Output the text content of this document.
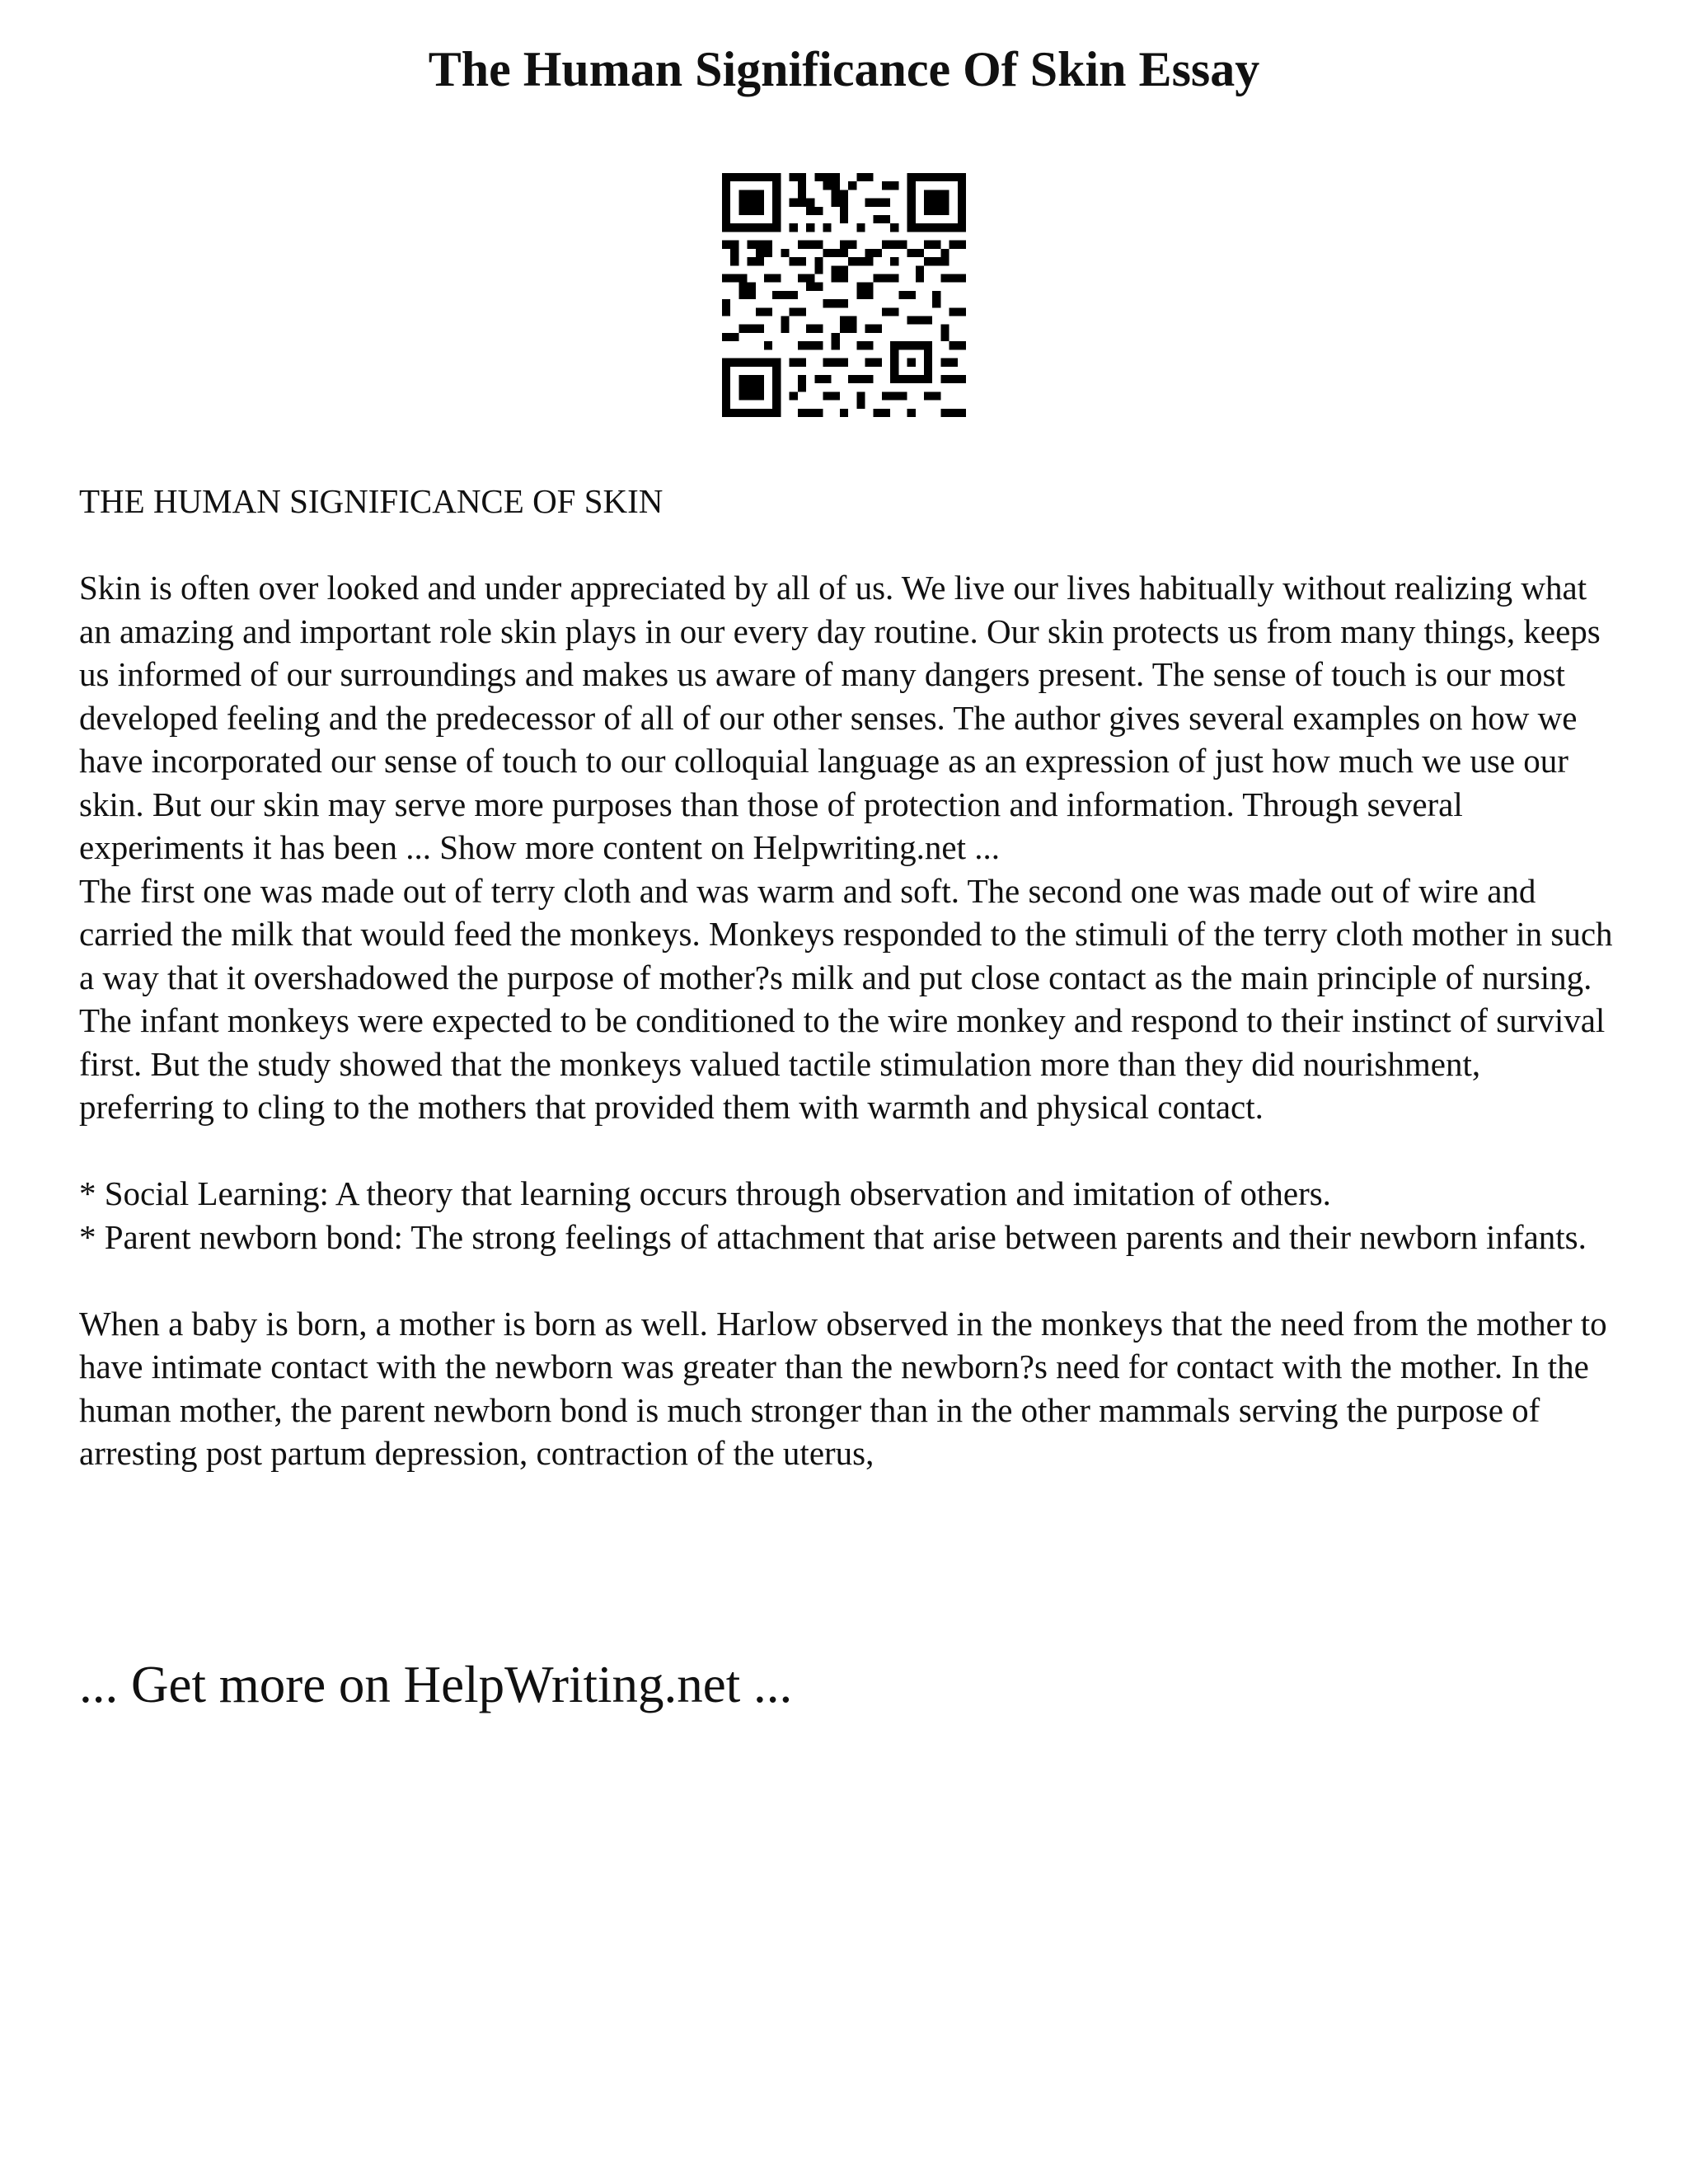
The Human Significance Of Skin Essay

THE HUMAN SIGNIFICANCE OF SKIN

Skin is often over looked and under appreciated by all of us. We live our lives habitually without realizing what an amazing and important role skin plays in our every day routine. Our skin protects us from many things, keeps us informed of our surroundings and makes us aware of many dangers present. The sense of touch is our most developed feeling and the predecessor of all of our other senses. The author gives several examples on how we have incorporated our sense of touch to our colloquial language as an expression of just how much we use our skin. But our skin may serve more purposes than those of protection and information. Through several experiments it has been ... Show more content on Helpwriting.net ...

The first one was made out of terry cloth and was warm and soft. The second one was made out of wire and carried the milk that would feed the monkeys. Monkeys responded to the stimuli of the terry cloth mother in such a way that it overshadowed the purpose of mother?s milk and put close contact as the main principle of nursing. The infant monkeys were expected to be conditioned to the wire monkey and respond to their instinct of survival first. But the study showed that the monkeys valued tactile stimulation more than they did nourishment, preferring to cling to the mothers that provided them with warmth and physical contact.

* Social Learning: A theory that learning occurs through observation and imitation of others.

* Parent newborn bond: The strong feelings of attachment that arise between parents and their newborn infants.

When a baby is born, a mother is born as well. Harlow observed in the monkeys that the need from the mother to have intimate contact with the newborn was greater than the newborn?s need for contact with the mother. In the human mother, the parent newborn bond is much stronger than in the other mammals serving the purpose of arresting post partum depression, contraction of the uterus,

... Get more on HelpWriting.net ...
